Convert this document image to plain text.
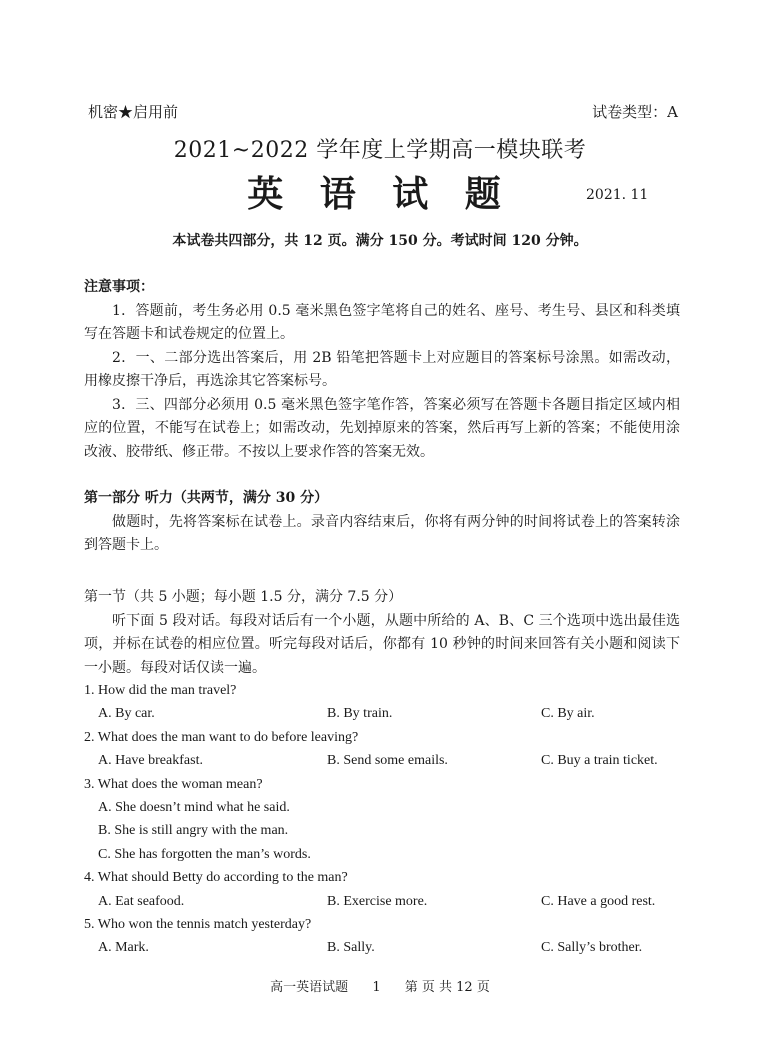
机密★启用前	试卷类型：A
2021~2022 学年度上学期高一模块联考
英 语 试 题	2021. 11
本试卷共四部分，共 12 页。满分 150 分。考试时间 120 分钟。

注意事项：

1．答题前，考生务必用 0.5 毫米黑色签字笔将自己的姓名、座号、考生号、县区和科类填写在答题卡和试卷规定的位置上。

2．一、二部分选出答案后，用 2B 铅笔把答题卡上对应题目的答案标号涂黑。如需改动，用橡皮擦干净后，再选涂其它答案标号。

3．三、四部分必须用 0.5 毫米黑色签字笔作答，答案必须写在答题卡各题目指定区域内相应的位置，不能写在试卷上；如需改动，先划掉原来的答案，然后再写上新的答案；不能使用涂改液、胶带纸、修正带。不按以上要求作答的答案无效。

第一部分 听力（共两节，满分 30 分）

做题时，先将答案标在试卷上。录音内容结束后，你将有两分钟的时间将试卷上的答案转涂到答题卡上。

第一节（共 5 小题；每小题 1.5 分，满分 7.5 分）

听下面 5 段对话。每段对话后有一个小题，从题中所给的 A、B、C 三个选项中选出最佳选项，并标在试卷的相应位置。听完每段对话后，你都有 10 秒钟的时间来回答有关小题和阅读下一小题。每段对话仅读一遍。

1. How did the man travel?
A. By car.	B. By train.	C. By air.
2. What does the man want to do before leaving?
A. Have breakfast.	B. Send some emails.	C. Buy a train ticket.
3. What does the woman mean?
A. She doesn’t mind what he said.
B. She is still angry with the man.
C. She has forgotten the man’s words.
4. What should Betty do according to the man?
A. Eat seafood.	B. Exercise more.	C. Have a good rest.
5. Who won the tennis match yesterday?
A. Mark.	B. Sally.	C. Sally’s brother.
高一英语试题 1 第 页 共 12 页
